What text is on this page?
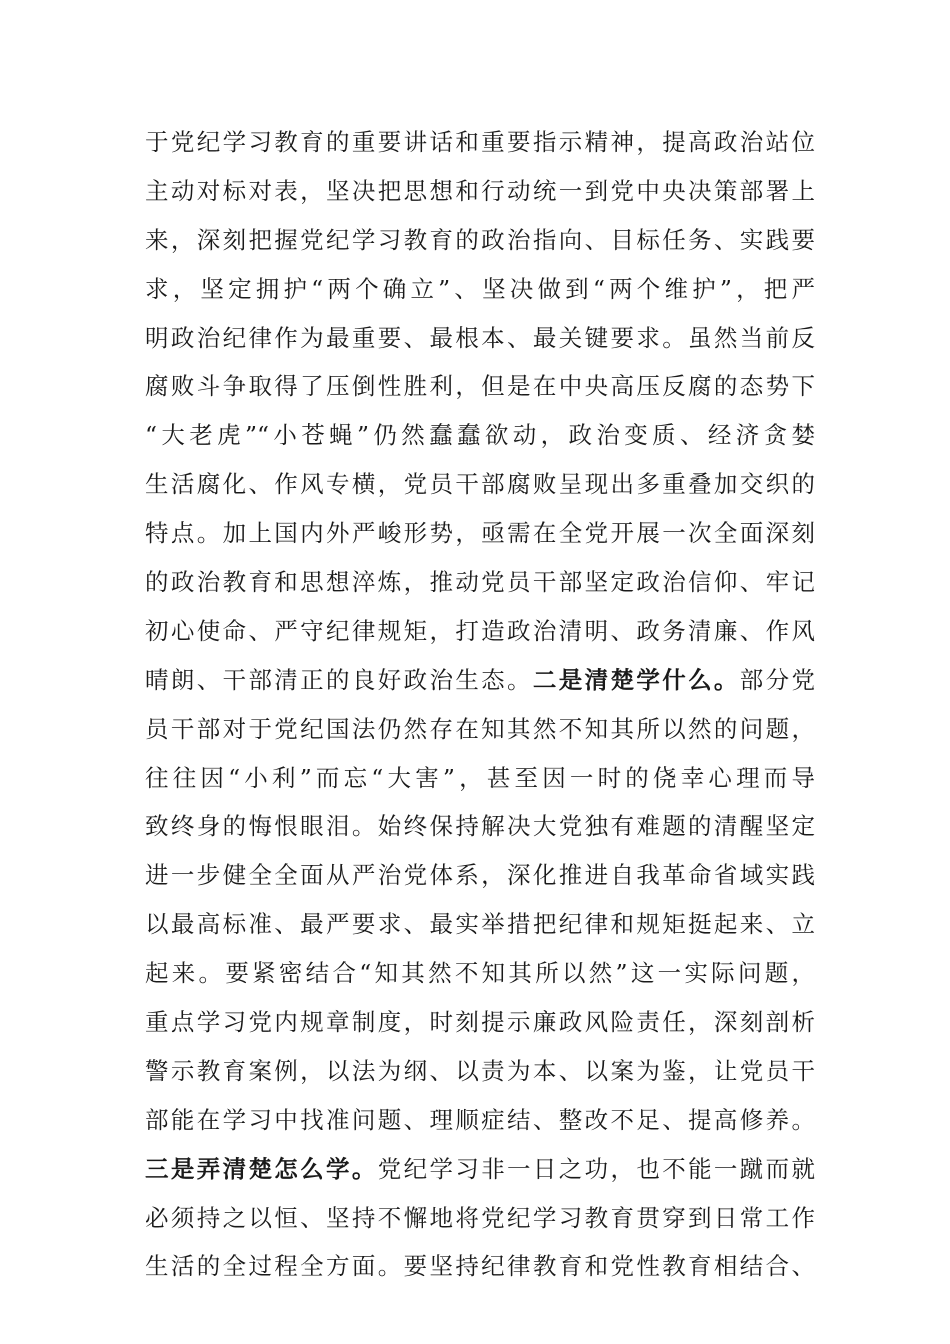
于党纪学习教育的重要讲话和重要指示精神，提高政治站位
主动对标对表，坚决把思想和行动统一到党中央决策部署上
来，深刻把握党纪学习教育的政治指向、目标任务、实践要
求，坚定拥护“两个确立”、坚决做到“两个维护”，把严
明政治纪律作为最重要、最根本、最关键要求。虽然当前反
腐败斗争取得了压倒性胜利，但是在中央高压反腐的态势下
“大老虎”“小苍蝇”仍然蠢蠢欲动，政治变质、经济贪婪
生活腐化、作风专横，党员干部腐败呈现出多重叠加交织的
特点。加上国内外严峻形势，亟需在全党开展一次全面深刻
的政治教育和思想淬炼，推动党员干部坚定政治信仰、牢记
初心使命、严守纪律规矩，打造政治清明、政务清廉、作风
晴朗、干部清正的良好政治生态。二是清楚学什么。部分党
员干部对于党纪国法仍然存在知其然不知其所以然的问题，
往往因“小利”而忘“大害”，甚至因一时的侥幸心理而导
致终身的悔恨眼泪。始终保持解决大党独有难题的清醒坚定
进一步健全全面从严治党体系，深化推进自我革命省域实践
以最高标准、最严要求、最实举措把纪律和规矩挺起来、立
起来。要紧密结合“知其然不知其所以然”这一实际问题，
重点学习党内规章制度，时刻提示廉政风险责任，深刻剖析
警示教育案例，以法为纲、以责为本、以案为鉴，让党员干
部能在学习中找准问题、理顺症结、整改不足、提高修养。
三是弄清楚怎么学。党纪学习非一日之功，也不能一蹴而就
必须持之以恒、坚持不懈地将党纪学习教育贯穿到日常工作
生活的全过程全方面。要坚持纪律教育和党性教育相结合、
